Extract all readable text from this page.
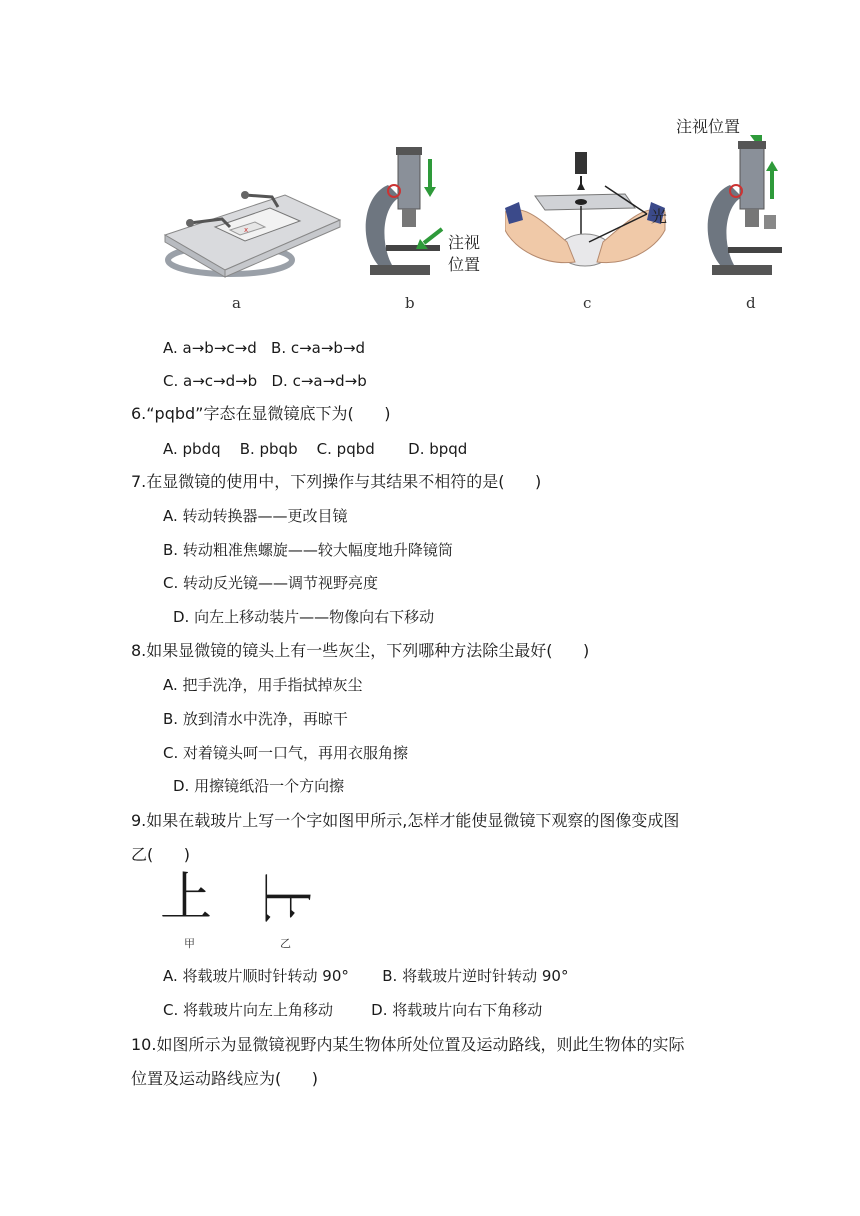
x
a
注视
位置
b
光
c
注视位置
d
A. a→b→c→d   B. c→a→b→d
C. a→c→d→b   D. c→a→d→b
6.“pqbd”字态在显微镜底下为(      )
A. pbdq    B. pbqb    C. pqbd       D. bpqd
7.在显微镜的使用中，下列操作与其结果不相符的是(      )
A. 转动转换器——更改目镜
B. 转动粗准焦螺旋——较大幅度地升降镜筒
C. 转动反光镜——调节视野亮度
D. 向左上移动装片——物像向右下移动
8.如果显微镜的镜头上有一些灰尘，下列哪种方法除尘最好(      )
A. 把手洗净，用手指拭掉灰尘
B. 放到清水中洗净，再晾干
C. 对着镜头呵一口气，再用衣服角擦
D. 用擦镜纸沿一个方向擦
9.如果在载玻片上写一个字如图甲所示,怎样才能使显微镜下观察的图像变成图
乙(      )
上 上
甲	乙
A. 将载玻片顺时针转动 90°       B. 将载玻片逆时针转动 90°
C. 将载玻片向左上角移动        D. 将载玻片向右下角移动
10.如图所示为显微镜视野内某生物体所处位置及运动路线，则此生物体的实际
位置及运动路线应为(      )
